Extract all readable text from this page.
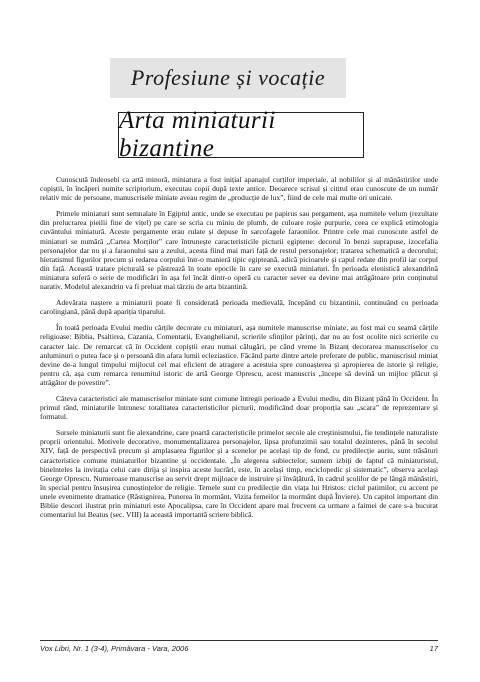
Profesiune și vocație
Arta miniaturii bizantine

Cunoscută îndeosebi ca artă minoră, miniatura a fost inițial apanajul curților imperiale, al nobililor și al mănăstirilor unde copiștii, în încăperi numite scriptorium, executau copii după texte antice. Deoarece scrisul și cititul erau cunoscute de un număr relativ mic de persoane, manuscrisele miniate aveau regim de „producție de lux”, fiind de cele mai multe ori unicate.

Primele miniaturi sunt semnalate în Egiptul antic, unde se executau pe papirus sau pergament, așa numitele velum (rezultate din prelucrarea pieilii fine de vițel) pe care se scria cu miniu de plumb, de culoare roșie purpurie, ceea ce explică etimologia cuvântului miniatură. Aceste pergamente erau rulate și depuse în sarcofagele faraonilor. Printre cele mai cunoscute astfel de miniaturi se numără „Cartea Morților” care întrunește caracteristicile picturii egiptene: decorul în benzi suprapuse, izocefalia personajelor dar nu și a faraonului sau a zeului, acesta fiind mai mari față de restul personajelor; tratarea schematică a decorului; hieratismul figurilor precum și redarea corpului într-o manieră tipic egipteană, adică picioarele și capul redate din profil iar corpul din față. Această tratare picturală se păstrează în toate epocile în care se execută miniaturi. În perioada elenistică alexandrină miniatura suferă o serie de modificări în așa fel încât dintr-o operă cu caracter sever ea devine mai atrăgătoare prin conținutul narativ. Modelul alexandrin va fi preluat mai târziu de arta bizantină.

Adevărata naștere a miniaturii poate fi considerată perioada medievală, începând cu bizantinii, continuând cu perioada carolingiană, până după apariția tiparului.

În toată perioada Evului mediu cărțile decorate cu miniaturi, așa numitele manuscrise miniate, au fost mai cu seamă cărțile religioase: Biblia, Psaltirea, Cazania, Comentarii, Evangheliarul, scrierile sfinților părinți, dar nu au fost ocolite nici scrierile cu caracter laic. De remarcat că în Occident copiștii erau numai călugări, pe când vreme în Bizanț decorarea manuscriselor cu anluminuri o putea face și o persoană din afara lumii ecleziastice. Făcând parte dintre artele preferate de public, manuscrisul miniat devine de-a lungul timpului mijlocul cel mai eficient de atragere a acestuia spre cunoașterea și apropierea de istorie și religie, pentru că, așa cum remarca renumitul istoric de artă George Oprescu, acest manuscris „începe să devină un mijloc plăcut și atrăgător de povestire”.

Câteva caracteristici ale manuscriselor miniate sunt comune întregii perioade a Evului mediu, din Bizanț până în Occident. În primul rând, miniaturile întrunesc totalitatea caracteristicilor picturii, modificând doar proporția sau „scara” de reprezentare și formatul.

Sursele miniaturii sunt fie alexandrine, care poartă caracteristicile primelor secole ale creștinismului, fie tendințele naturaliste proprii orientului. Motivele decorative, monumentalizarea personajelor, lipsa profunzimii sau totalul dezinteres, până în secolul XIV, față de perspectivă precum și amplasarea figurilor și a scenelor pe același tip de fond, cu predilecție auriu, sunt trăsături caracteristice comune miniaturilor bizantine și occidentale. „În alegerea subiectelor, suntem izbiți de faptul că miniaturistul, binelnteles la invitația celui care dirija și inspira aceste lucrări, este, în același timp, enciclopedic și sistematic”, observa același George Oprescu. Numeroase manuscrise au servit drept mijloace de instruire și învățătură, în cadrul școlilor de pe lângă mănăstiri, în special pentru însușirea cunoștințelor de religie. Temele sunt cu predilecție din viața lui Hristos: ciclul patimilor, cu accent pe unele evenimente dramatice (Răstignirea, Punerea în mormânt, Vizita femeilor la mormânt după Înviere). Un capitol important din Biblie descori ilustrat prin miniaturi este Apocalipsa, care în Occident apare mai frecvent ca urmare a faimei de care s-a bucurat comentariul lui Beatus (sec. VIII) la această importantă scriere biblică.

Vox Libri, Nr. 1 (3-4), Primăvara - Vara, 2006	17
